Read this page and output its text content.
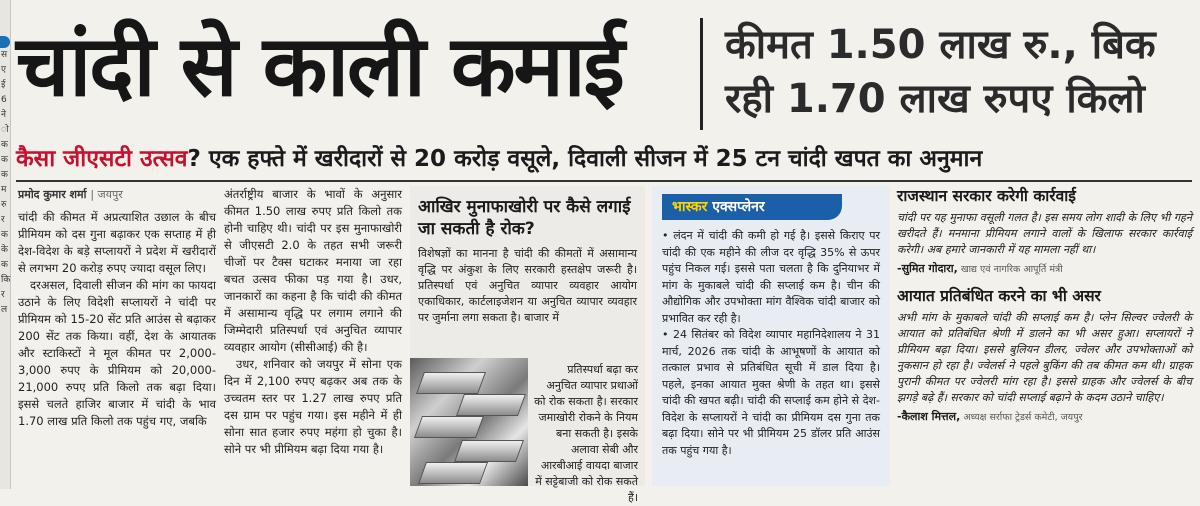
स
ए
ई
6
ने
ो
क
क
क
म
रु
र
क
के
क
कि
र
ल
चांदी से काली कमाई	कीमत 1.50 लाख रु., बिक रही 1.70 लाख रुपए किलो
कैसा जीएसटी उत्सव? एक हफ्ते में खरीदारों से 20 करोड़ वसूले, दिवाली सीजन में 25 टन चांदी खपत का अनुमान
प्रमोद कुमार शर्मा | जयपुर
चांदी की कीमत में अप्रत्याशित उछाल के बीच प्रीमियम को दस गुना बढ़ाकर एक सप्ताह में ही देश-विदेश के बड़े सप्लायरों ने प्रदेश में खरीदारों से लगभग 20 करोड़ रुपए ज्यादा वसूल लिए।
दरअसल, दिवाली सीजन की मांग का फायदा उठाने के लिए विदेशी सप्लायरों ने चांदी पर प्रीमियम को 15-20 सेंट प्रति आउंस से बढ़ाकर 200 सेंट तक किया। वहीं, देश के आयातक और स्टाकिस्टों ने मूल कीमत पर 2,000-3,000 रुपए के प्रीमियम को 20,000-21,000 रुपए प्रति किलो तक बढ़ा दिया। इससे चलते हाजिर बाजार में चांदी के भाव 1.70 लाख प्रति किलो तक पहुंच गए, जबकि
अंतर्राष्ट्रीय बाजार के भावों के अनुसार कीमत 1.50 लाख रुपए प्रति किलो तक होनी चाहिए थी। चांदी पर इस मुनाफाखोरी से जीएसटी 2.0 के तहत सभी जरूरी चीजों पर टैक्स घटाकर मनाया जा रहा बचत उत्सव फीका पड़ गया है। उधर, जानकारों का कहना है कि चांदी की कीमत में असामान्य वृद्धि पर लगाम लगाने की जिम्मेदारी प्रतिस्पर्धा एवं अनुचित व्यापार व्यवहार आयोग (सीसीआई) की है।
उधर, शनिवार को जयपुर में सोना एक दिन में 2,100 रुपए बढ़कर अब तक के उच्चतम स्तर पर 1.27 लाख रुपए प्रति दस ग्राम पर पहुंच गया। इस महीने में ही सोना सात हजार रुपए महंगा हो चुका है। सोने पर भी प्रीमियम बढ़ा दिया गया है।
आखिर मुनाफाखोरी पर कैसे लगाई जा सकती है रोक?
विशेषज्ञों का मानना है चांदी की कीमतों में असामान्य वृद्धि पर अंकुश के लिए सरकारी हस्तक्षेप जरूरी है। प्रतिस्पर्धा एवं अनुचित व्यापार व्यवहार आयोग एकाधिकार, कार्टलाइजेशन या अनुचित व्यापार व्यवहार पर जुर्माना लगा सकता है। बाजार में
प्रतिस्पर्धा बढ़ा कर अनुचित व्यापार प्रथाओं को रोक सकता है। सरकार जमाखोरी रोकने के नियम बना सकती है। इसके अलावा सेबी और आरबीआई वायदा बाजार में सट्टेबाजी को रोक सकते हैं।
भास्कर एक्सप्लेनर
• लंदन में चांदी की कमी हो गई है। इससे किराए पर चांदी की एक महीने की लीज दर वृद्धि 35% से ऊपर पहुंच निकल गई। इससे पता चलता है कि दुनियाभर में मांग के मुकाबले चांदी की सप्लाई कम है। चीन की औद्योगिक और उपभोक्ता मांग वैश्विक चांदी बाजार को प्रभावित कर रही है।
• 24 सितंबर को विदेश व्यापार महानिदेशालय ने 31 मार्च, 2026 तक चांदी के आभूषणों के आयात को तत्काल प्रभाव से प्रतिबंधित सूची में डाल दिया है। पहले, इनका आयात मुक्त श्रेणी के तहत था। इससे चांदी की खपत बढ़ी। चांदी की सप्लाई कम होने से देश-विदेश के सप्लायरों ने चांदी का प्रीमियम दस गुना तक बढ़ा दिया। सोने पर भी प्रीमियम 25 डॉलर प्रति आउंस तक पहुंच गया है।
राजस्थान सरकार करेगी कार्रवाई
चांदी पर यह मुनाफा वसूली गलत है। इस समय लोग शादी के लिए भी गहने खरीदते हैं। मनमाना प्रीमियम लगाने वालों के खिलाफ सरकार कार्रवाई करेगी। अब हमारे जानकारी में यह मामला नहीं था।
-सुमित गोदारा, खाद्य एवं नागरिक आपूर्ति मंत्री
आयात प्रतिबंधित करने का भी असर
अभी मांग के मुकाबले चांदी की सप्लाई कम है। प्लेन सिल्वर ज्वेलरी के आयात को प्रतिबंधित श्रेणी में डालने का भी असर हुआ। सप्लायरों ने प्रीमियम बढ़ा दिया। इससे बुलियन डीलर, ज्वेलर और उपभोक्ताओं को नुकसान हो रहा है। ज्वेलर्स ने पहले बुकिंग की तब कीमत कम थी। ग्राहक पुरानी कीमत पर ज्वेलरी मांग रहा है। इससे ग्राहक और ज्वेलर्स के बीच झगड़े बढ़े हैं। सरकार को चांदी सप्लाई बढ़ाने के कदम उठाने चाहिए।
-कैलाश मित्तल, अध्यक्ष सर्राफा ट्रेडर्स कमेटी, जयपुर
